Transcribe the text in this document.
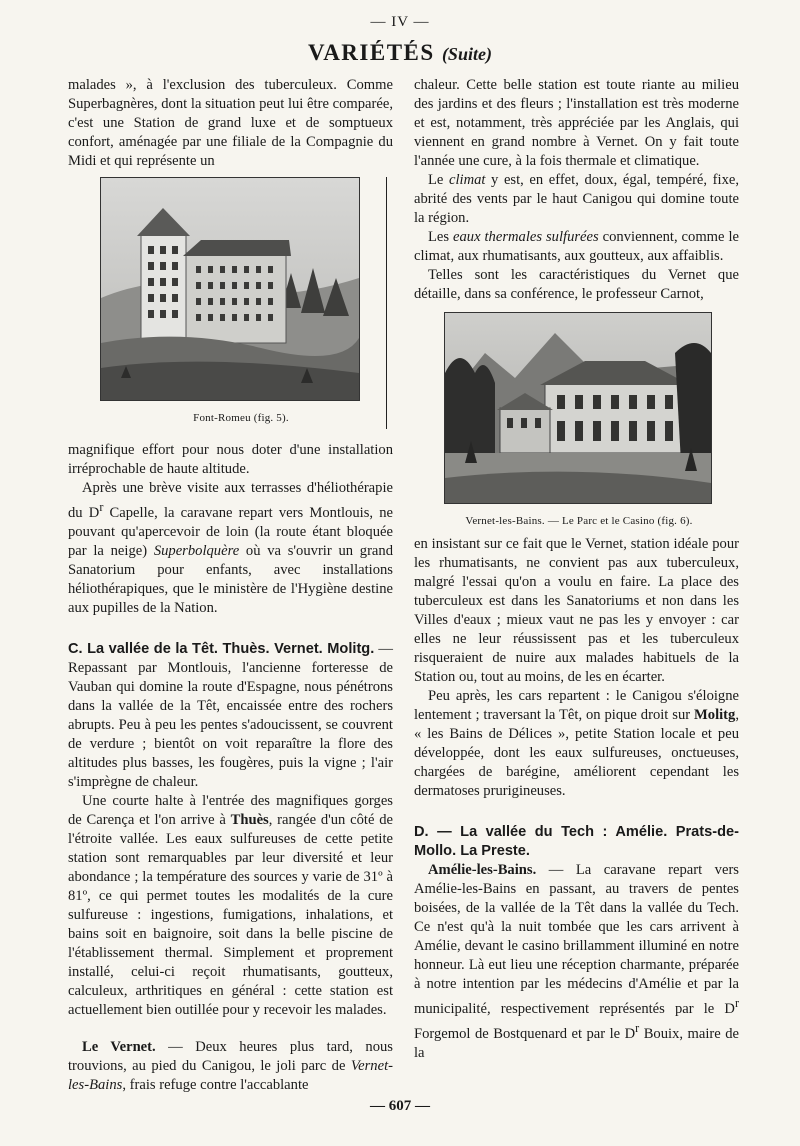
— IV —
VARIÉTÉS (Suite)

malades », à l'exclusion des tuberculeux. Comme Superbagnères, dont la situation peut lui être comparée, c'est une Station de grand luxe et de somptueux confort, aménagée par une filiale de la Compagnie du Midi et qui représente un

Font-Romeu (fig. 5).

magnifique effort pour nous doter d'une installation irréprochable de haute altitude.

Après une brève visite aux terrasses d'héliothérapie du $D^r$ Capelle, la caravane repart vers Montlouis, ne pouvant qu'apercevoir de loin (la route étant bloquée par la neige) Superbolquère où va s'ouvrir un grand Sanatorium pour enfants, avec installations héliothérapiques, que le ministère de l'Hygiène destine aux pupilles de la Nation.

C. La vallée de la Têt. Thuès. Vernet. Molitg. — Repassant par Montlouis, l'ancienne forteresse de Vauban qui domine la route d'Espagne, nous pénétrons dans la vallée de la Têt, encaissée entre des rochers abrupts. Peu à peu les pentes s'adoucissent, se couvrent de verdure ; bientôt on voit reparaître la flore des altitudes plus basses, les fougères, puis la vigne ; l'air s'imprègne de chaleur.

Une courte halte à l'entrée des magnifiques gorges de Carença et l'on arrive à Thuès, rangée d'un côté de l'étroite vallée. Les eaux sulfureuses de cette petite station sont remarquables par leur diversité et leur abondance ; la température des sources y varie de 31º à 81º, ce qui permet toutes les modalités de la cure sulfureuse : ingestions, fumigations, inhalations, et bains soit en baignoire, soit dans la belle piscine de l'établissement thermal. Simplement et proprement installé, celui-ci reçoit rhumatisants, goutteux, calculeux, arthritiques en général : cette station est actuellement bien outillée pour y recevoir les malades.

Le Vernet. — Deux heures plus tard, nous trouvions, au pied du Canigou, le joli parc de Vernet-les-Bains, frais refuge contre l'accablante

chaleur. Cette belle station est toute riante au milieu des jardins et des fleurs ; l'installation est très moderne et est, notamment, très appréciée par les Anglais, qui viennent en grand nombre à Vernet. On y fait toute l'année une cure, à la fois thermale et climatique.

Le climat y est, en effet, doux, égal, tempéré, fixe, abrité des vents par le haut Canigou qui domine toute la région.

Les eaux thermales sulfurées conviennent, comme le climat, aux rhumatisants, aux goutteux, aux affaiblis.

Telles sont les caractéristiques du Vernet que détaille, dans sa conférence, le professeur Carnot,

Vernet-les-Bains. — Le Parc et le Casino (fig. 6).

en insistant sur ce fait que le Vernet, station idéale pour les rhumatisants, ne convient pas aux tuberculeux, malgré l'essai qu'on a voulu en faire. La place des tuberculeux est dans les Sanatoriums et non dans les Villes d'eaux ; mieux vaut ne pas les y envoyer : car elles ne leur réussissent pas et les tuberculeux risqueraient de nuire aux malades habituels de la Station ou, tout au moins, de les en écarter.

Peu après, les cars repartent : le Canigou s'éloigne lentement ; traversant la Têt, on pique droit sur Molitg, « les Bains de Délices », petite Station locale et peu développée, dont les eaux sulfureuses, onctueuses, chargées de barégine, améliorent cependant les dermatoses prurigineuses.

D. — La vallée du Tech : Amélie. Prats-de-Mollo. La Preste.

Amélie-les-Bains. — La caravane repart vers Amélie-les-Bains en passant, au travers de pentes boisées, de la vallée de la Têt dans la vallée du Tech. Ce n'est qu'à la nuit tombée que les cars arrivent à Amélie, devant le casino brillamment illuminé en notre honneur. Là eut lieu une réception charmante, préparée à notre intention par les médecins d'Amélie et par la municipalité, respectivement représentés par le $D^r$ Forgemol de Bostquenard et par le $D^r$ Bouix, maire de la

— 607 —
